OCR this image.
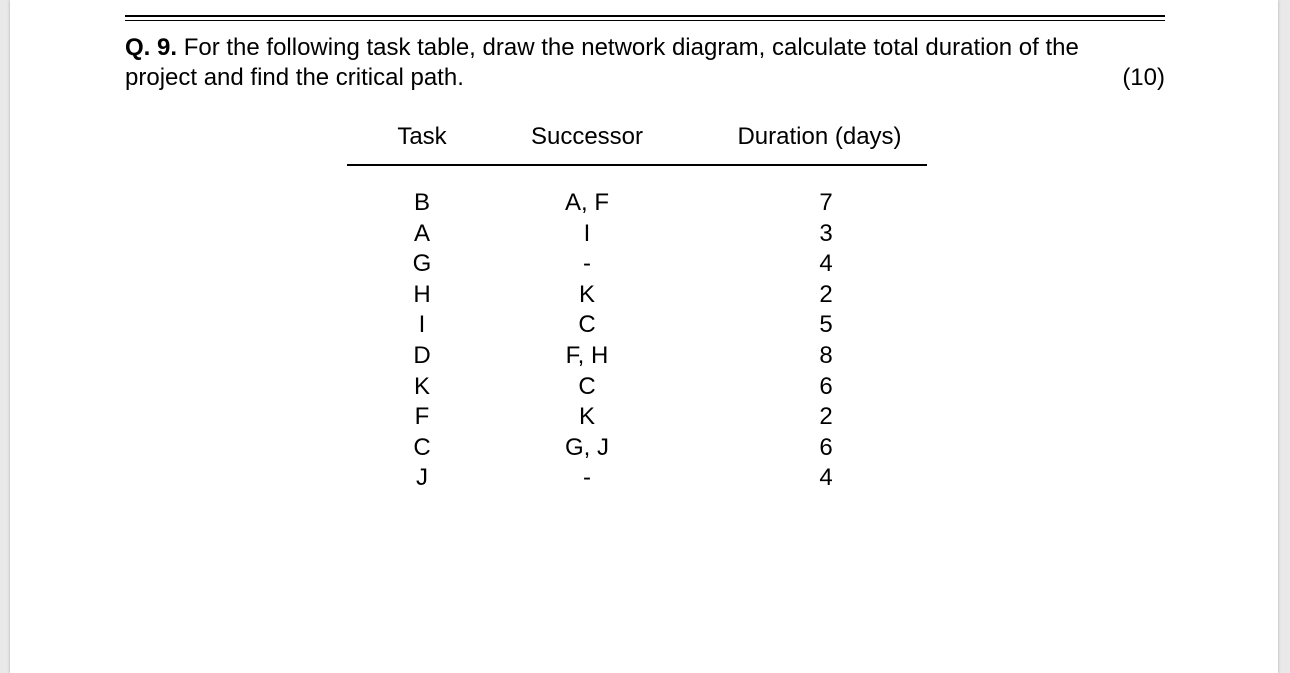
Q. 9. For the following task table, draw the network diagram, calculate total duration of the
project and find the critical path.	(10)
Task	Successor	Duration (days)
B	A, F	7
A	I	3
G	-	4
H	K	2
I	C	5
D	F, H	8
K	C	6
F	K	2
C	G, J	6
J	-	4
